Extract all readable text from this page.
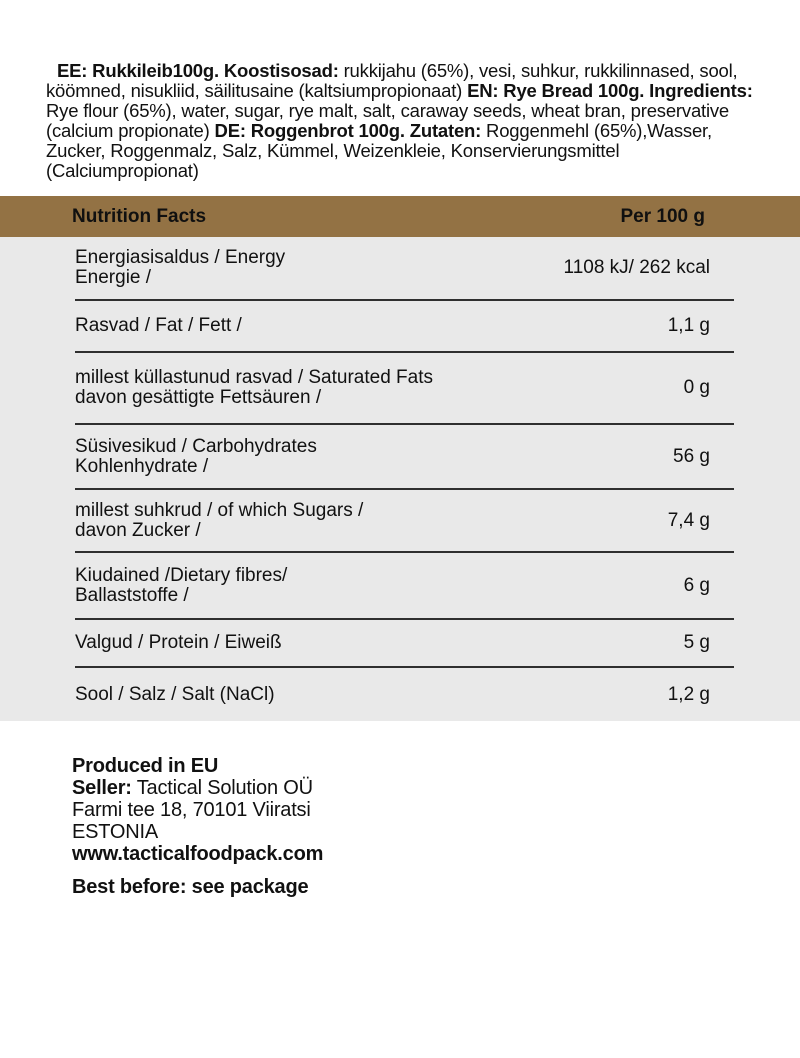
EE: Rukkileib100g. Koostisosad: rukkijahu (65%), vesi, suhkur, rukkilinnased, sool, köömned, nisukliid, säilitusaine (kaltsiumpropionaat) EN: Rye Bread 100g. Ingredients: Rye flour (65%), water, sugar, rye malt, salt, caraway seeds, wheat bran, preservative (calcium propionate) DE: Roggenbrot 100g. Zutaten: Roggenmehl (65%),Wasser, Zucker, Roggenmalz, Salz, Kümmel, Weizenkleie, Konservierungsmittel (Calciumpropionat)

Nutrition Facts	Per 100 g
Energiasisaldus / Energy
Energie /	1108 kJ/ 262 kcal
Rasvad / Fat / Fett /	1,1 g
millest küllastunud rasvad / Saturated Fats
davon gesättigte Fettsäuren /	0 g
Süsivesikud / Carbohydrates
Kohlenhydrate /	56 g
millest suhkrud / of which Sugars /
davon Zucker /	7,4 g
Kiudained /Dietary fibres/
Ballaststoffe /	6 g
Valgud / Protein / Eiweiß	5 g
Sool / Salz / Salt (NaCl)	1,2 g
Produced in EU
Seller: Tactical Solution OÜ
Farmi tee 18, 70101 Viiratsi
ESTONIA
www.tacticalfoodpack.com
Best before: see package
